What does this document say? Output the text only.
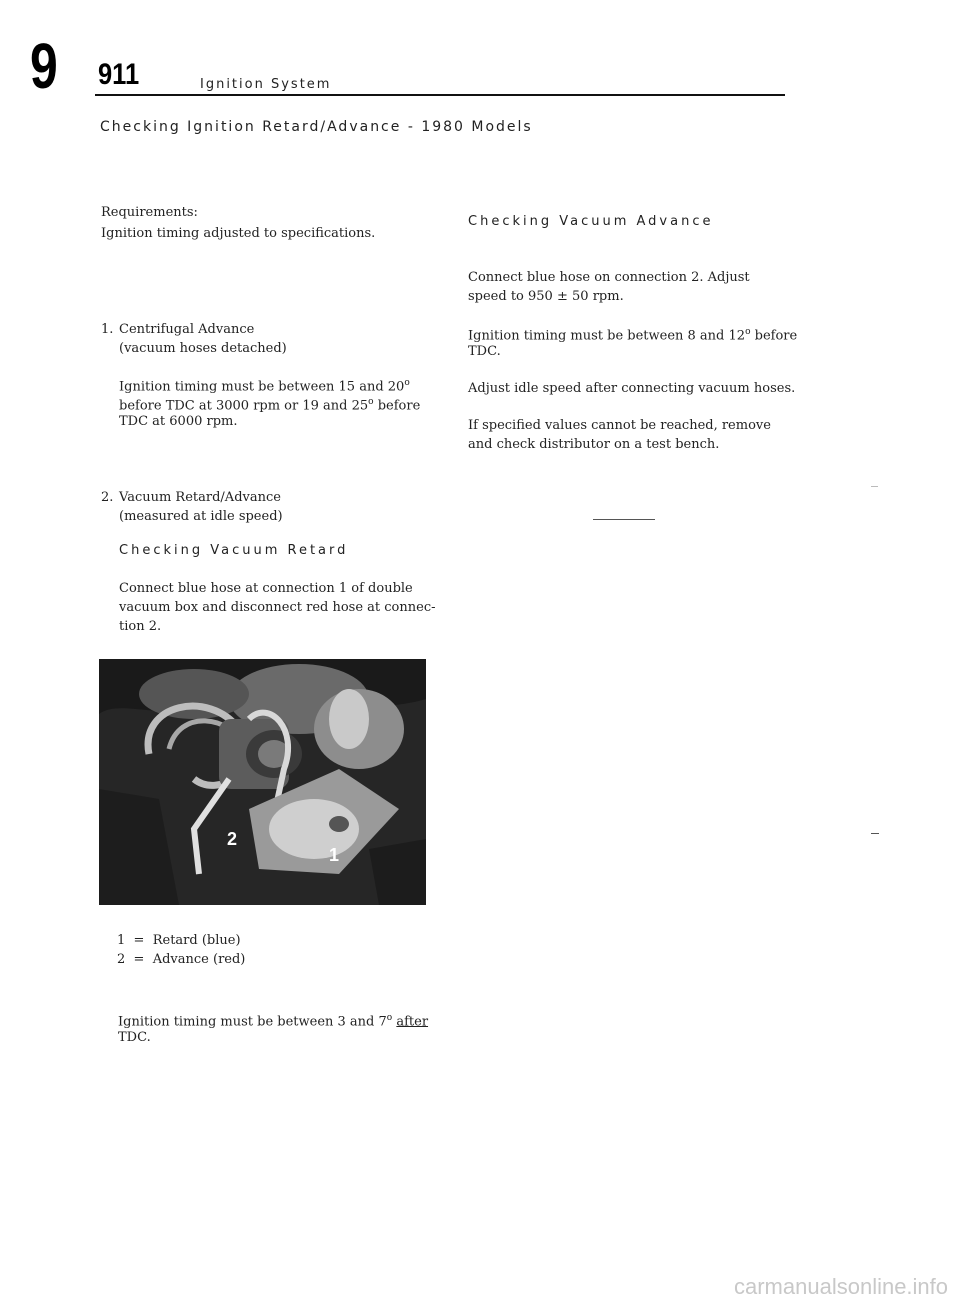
9 911	Ignition System
Checking Ignition Retard/Advance - 1980 Models
Requirements:
Ignition timing adjusted to specifications.
1. Centrifugal Advance
(vacuum hoses detached)
Ignition timing must be between 15 and 20$^o$
before TDC at 3000 rpm or 19 and 25$^o$ before
TDC at 6000 rpm.
2. Vacuum Retard/Advance
(measured at idle speed)
Checking Vacuum Retard
Connect blue hose at connection 1 of double
vacuum box and disconnect red hose at connec-
tion 2.
2
1
1 = Retard (blue)
2 = Advance (red)
Ignition timing must be between 3 and 7$^o$ after
TDC.
Checking Vacuum Advance
Connect blue hose on connection 2. Adjust
speed to 950 ± 50 rpm.
Ignition timing must be between 8 and 12$^o$ before
TDC.
Adjust idle speed after connecting vacuum hoses.
If specified values cannot be reached, remove
and check distributor on a test bench.
carmanualsonline.info
